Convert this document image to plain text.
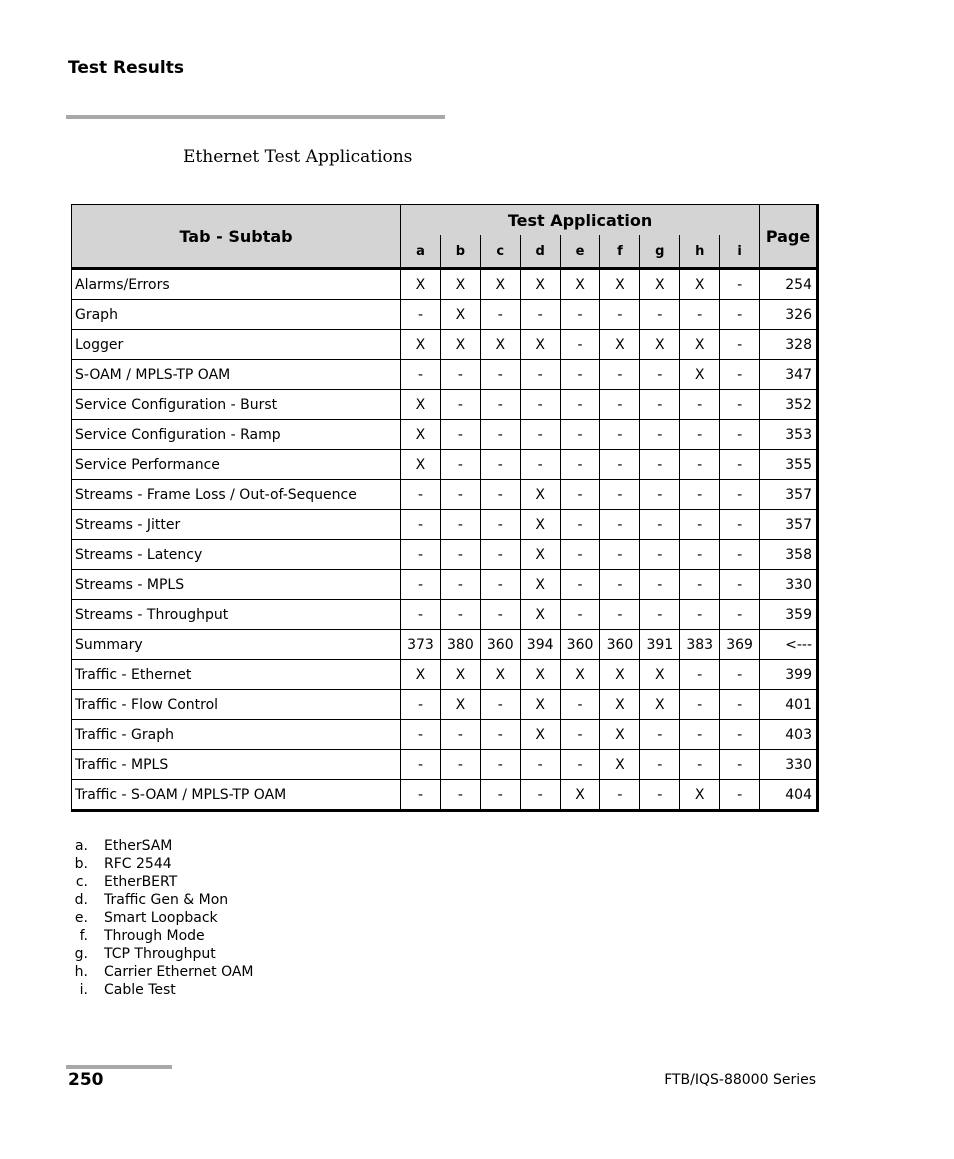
Test Results
Ethernet Test Applications
Tab - Subtab	Test Application									Page
	a	b	c	d	e	f	g	h	i	

Alarms/Errors	X	X	X	X	X	X	X	X	-	254
Graph	-	X	-	-	-	-	-	-	-	326
Logger	X	X	X	X	-	X	X	X	-	328
S-OAM / MPLS-TP OAM	-	-	-	-	-	-	-	X	-	347
Service Configuration - Burst	X	-	-	-	-	-	-	-	-	352
Service Configuration - Ramp	X	-	-	-	-	-	-	-	-	353
Service Performance	X	-	-	-	-	-	-	-	-	355
Streams - Frame Loss / Out-of-Sequence	-	-	-	X	-	-	-	-	-	357
Streams - Jitter	-	-	-	X	-	-	-	-	-	357
Streams - Latency	-	-	-	X	-	-	-	-	-	358
Streams - MPLS	-	-	-	X	-	-	-	-	-	330
Streams - Throughput	-	-	-	X	-	-	-	-	-	359
Summary	373	380	360	394	360	360	391	383	369	<---
Traffic - Ethernet	X	X	X	X	X	X	X	-	-	399
Traffic - Flow Control	-	X	-	X	-	X	X	-	-	401
Traffic - Graph	-	-	-	X	-	X	-	-	-	403
Traffic - MPLS	-	-	-	-	-	X	-	-	-	330
Traffic - S-OAM / MPLS-TP OAM	-	-	-	-	X	-	-	X	-	404
a. EtherSAM
b. RFC 2544
c. EtherBERT
d. Traffic Gen & Mon
e. Smart Loopback
f. Through Mode
g. TCP Throughput
h. Carrier Ethernet OAM
i. Cable Test
250	FTB/IQS-88000 Series
